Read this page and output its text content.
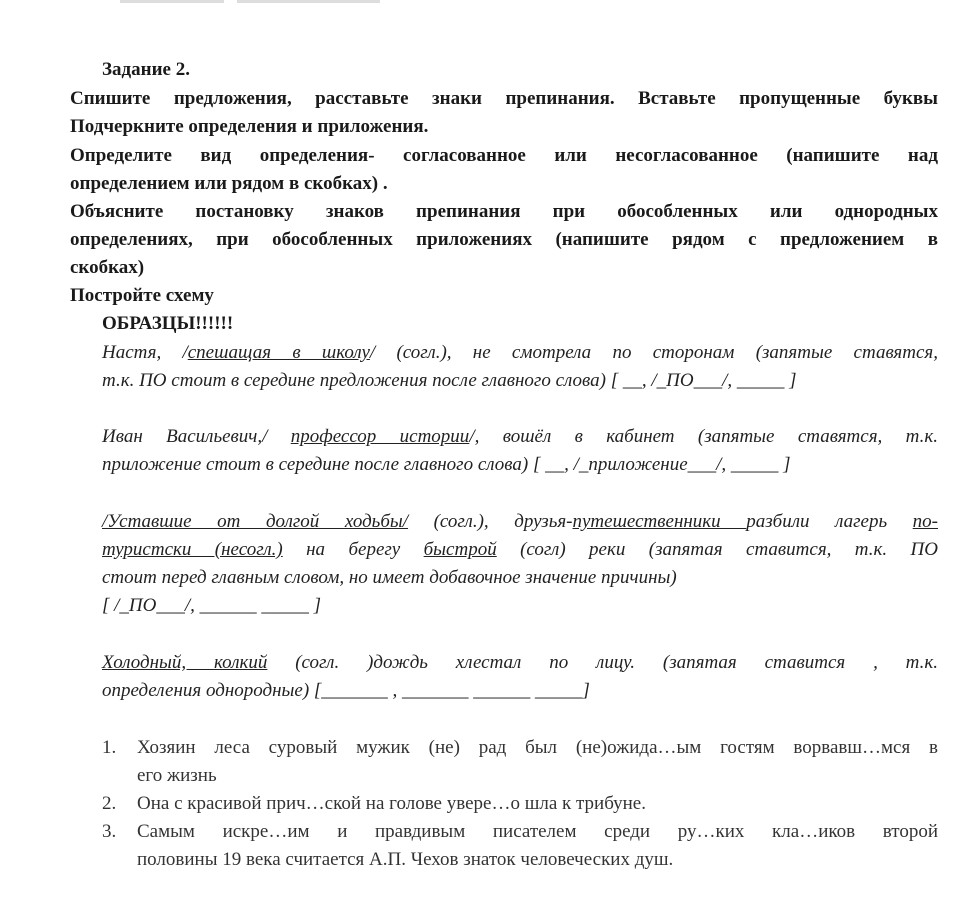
Задание 2.
Спишите предложения, расставьте знаки препинания. Вставьте пропущенные буквы
Подчеркните определения и приложения.
Определите вид определения- согласованное или несогласованное (напишите над
определением или рядом в скобках) .
Объясните постановку знаков препинания при обособленных или однородных
определениях, при обособленных приложениях (напишите рядом с предложением в
скобках)
Постройте схему
ОБРАЗЦЫ!!!!!!
Настя, /спешащая в школу/ (согл.), не смотрела по сторонам (запятые ставятся,
т.к. ПО стоит в середине предложения после главного слова) [ __, /_ПО___/, _____ ]
Иван Васильевич,/ профессор истории/, вошёл в кабинет (запятые ставятся, т.к.
приложение стоит в середине после главного слова) [ __, /_приложение___/, _____ ]
/Уставшие от долгой ходьбы/ (согл.), друзья-путешественники разбили лагерь по-
туристски (несогл.) на берегу быстрой (согл) реки (запятая ставится, т.к. ПО
стоит перед главным словом, но имеет добавочное значение причины)
[ /_ПО___/, ______ _____ ]
Холодный, колкий (согл. )дождь хлестал по лицу. (запятая ставится , т.к.
определения однородные) [_______ , _______ ______ _____]
1. Хозяин леса суровый мужик (не) рад был (не)ожида…ым гостям ворвавш…мся в
его жизнь
2. Она с красивой прич…ской на голове увере…о шла к трибуне.
3. Самым искре…им и правдивым писателем среди ру…ких кла…иков второй
половины 19 века считается А.П. Чехов знаток человеческих душ.
